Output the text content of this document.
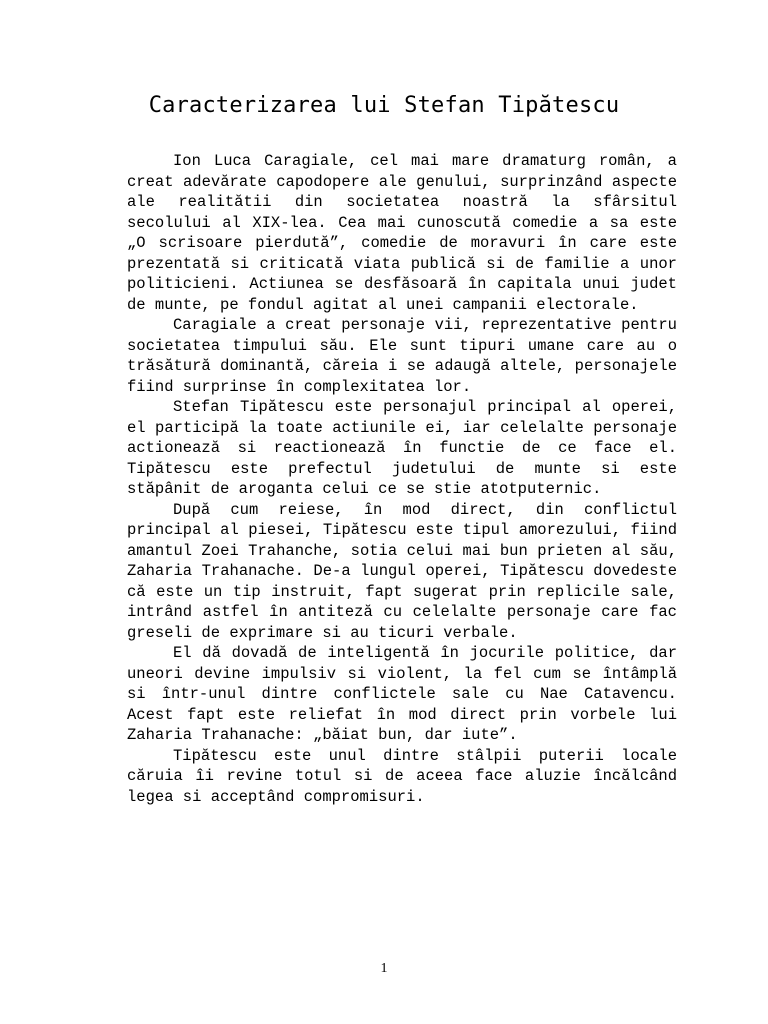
Caracterizarea lui Stefan Tipătescu

Ion Luca Caragiale, cel mai mare dramaturg român, a creat adevărate capodopere ale genului, surprinzând aspecte ale realitătii din societatea noastră la sfârsitul secolului al XIX-lea. Cea mai cunoscută comedie a sa este „O scrisoare pierdută”, comedie de moravuri în care este prezentată si criticată viata publică si de familie a unor politicieni. Actiunea se desfăsoară în capitala unui judet de munte, pe fondul agitat al unei campanii electorale.

Caragiale a creat personaje vii, reprezentative pentru societatea timpului său. Ele sunt tipuri umane care au o trăsătură dominantă, căreia i se adaugă altele, personajele fiind surprinse în complexitatea lor.

Stefan Tipătescu este personajul principal al operei, el participă la toate actiunile ei, iar celelalte personaje actionează si reactionează în functie de ce face el. Tipătescu este prefectul judetului de munte si este stăpânit de aroganta celui ce se stie atotputernic.

După cum reiese, în mod direct, din conflictul principal al piesei, Tipătescu este tipul amorezului, fiind amantul Zoei Trahanche, sotia celui mai bun prieten al său, Zaharia Trahanache. De-a lungul operei, Tipătescu dovedeste că este un tip instruit, fapt sugerat prin replicile sale, intrând astfel în antiteză cu celelalte personaje care fac greseli de exprimare si au ticuri verbale.

El dă dovadă de inteligentă în jocurile politice, dar uneori devine impulsiv si violent, la fel cum se întâmplă si într-unul dintre conflictele sale cu Nae Catavencu. Acest fapt este reliefat în mod direct prin vorbele lui Zaharia Trahanache: „băiat bun, dar iute”.

Tipătescu este unul dintre stâlpii puterii locale căruia îi revine totul si de aceea face aluzie încălcând legea si acceptând compromisuri.

1
